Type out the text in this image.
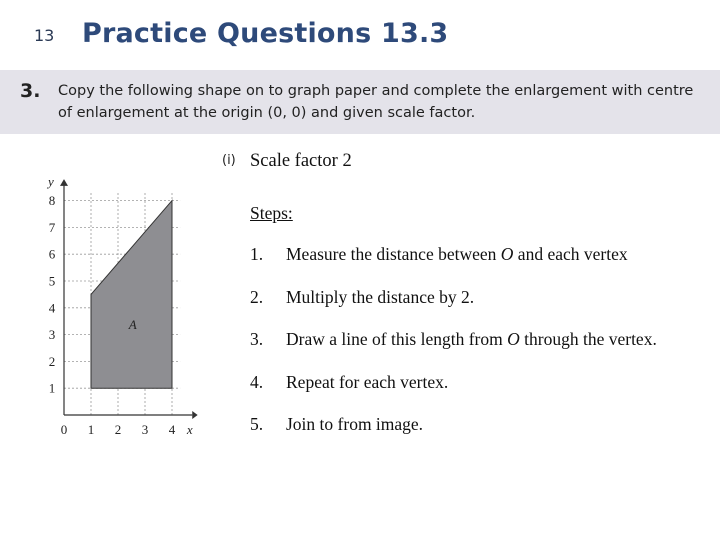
13 Practice Questions 13.3
3. Copy the following shape on to graph paper and complete the enlargement with centre of enlargement at the origin (0, 0) and given scale factor.
A
x
y
0 1 2 3 4
1
2
3
4
5
6
7
8
(i) Scale factor 2
Steps:
1. Measure the distance between O and each vertex
2. Multiply the distance by 2.
3. Draw a line of this length from O through the vertex.
4. Repeat for each vertex.
5. Join to from image.
